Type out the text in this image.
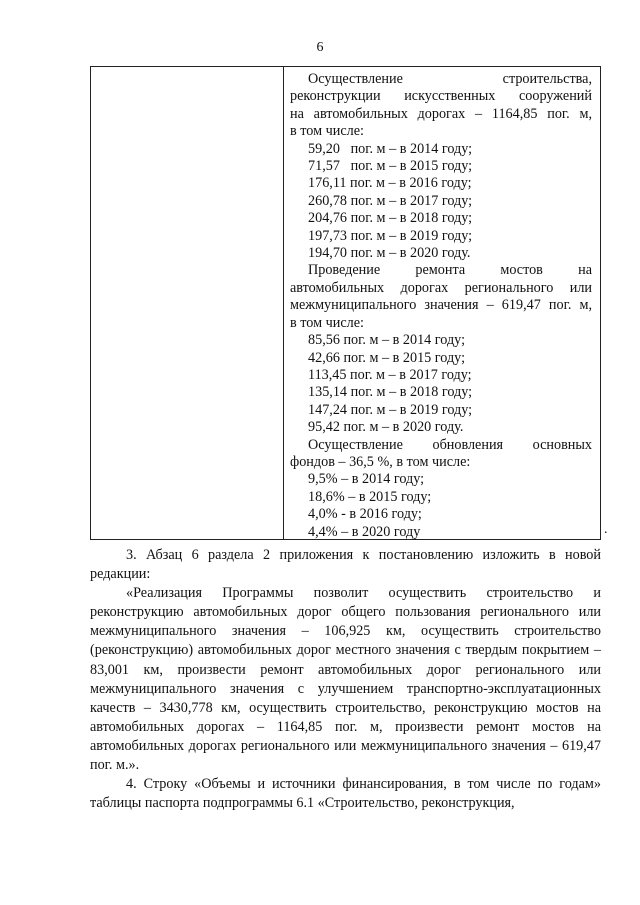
6

Осуществление строительства,

реконструкции искусственных сооружений

на автомобильных дорогах – 1164,85 пог. м,

в том числе:

59,20   пог. м – в 2014 году;

71,57   пог. м – в 2015 году;

176,11 пог. м – в 2016 году;

260,78 пог. м – в 2017 году;

204,76 пог. м – в 2018 году;

197,73 пог. м – в 2019 году;

194,70 пог. м – в 2020 году.

Проведение ремонта мостов на

автомобильных дорогах регионального или

межмуниципального значения – 619,47 пог. м,

в том числе:

85,56 пог. м – в 2014 году;

42,66 пог. м – в 2015 году;

113,45 пог. м – в 2017 году;

135,14 пог. м – в 2018 году;

147,24 пог. м – в 2019 году;

95,42 пог. м – в 2020 году.

Осуществление обновления основных

фондов – 36,5 %, в том числе:

9,5% – в 2014 году;

18,6% – в 2015 году;

4,0% - в 2016 году;

4,4% – в 2020 году	.

3. Абзац 6 раздела 2 приложения к постановлению изложить в новой

редакции:

«Реализация Программы позволит осуществить строительство и реконструкцию автомобильных дорог общего пользования регионального или межмуниципального значения – 106,925 км, осуществить строительство (реконструкцию) автомобильных дорог местного значения с твердым покрытием – 83,001 км, произвести ремонт автомобильных дорог регионального или межмуниципального значения с улучшением транспортно-эксплуатационных качеств – 3430,778 км, осуществить строительство, реконструкцию мостов на автомобильных дорогах – 1164,85 пог. м, произвести ремонт мостов на автомобильных дорогах регионального или межмуниципального значения – 619,47 пог. м.».

4. Строку «Объемы и источники финансирования, в том числе по годам» таблицы паспорта подпрограммы 6.1 «Строительство, реконструкция,
